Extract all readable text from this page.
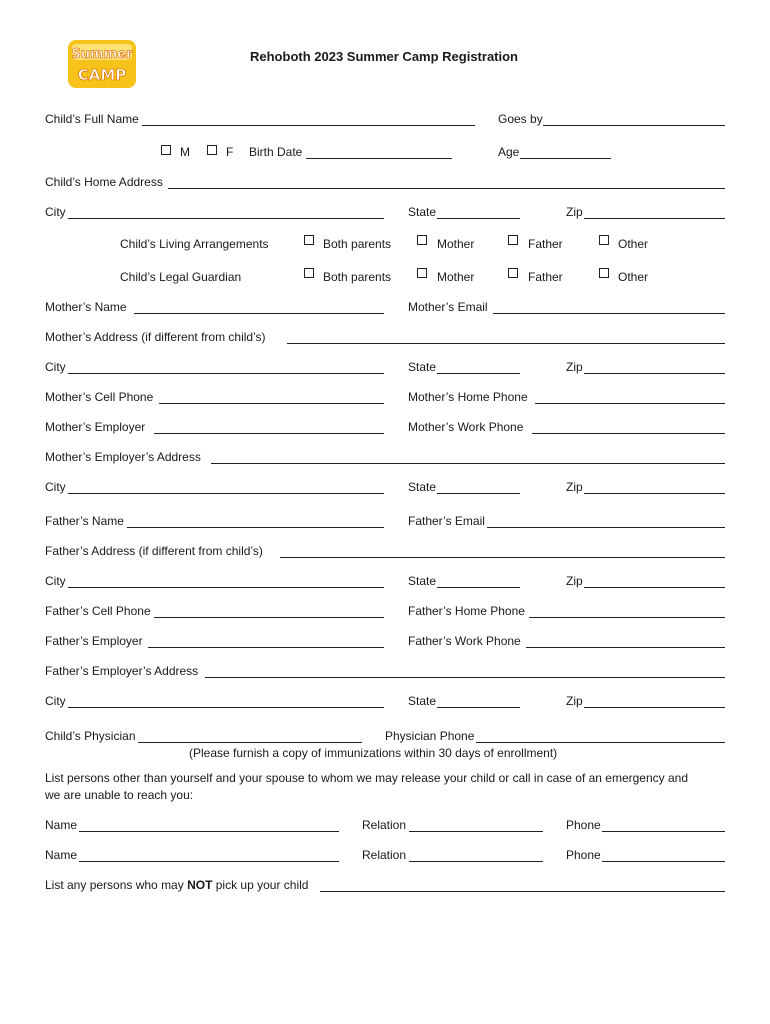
Summer
CAMP
Rehoboth 2023 Summer Camp Registration
Child’s Full Name	Goes by
M	F Birth Date	Age
Child’s Home Address
City	State	Zip
Child’s Living Arrangements	Both parents	Mother	Father	Other
Child’s Legal Guardian	Both parents	Mother	Father	Other
Mother’s Name	Mother’s Email
Mother’s Address (if different from child’s)
City	State	Zip
Mother’s Cell Phone	Mother’s Home Phone
Mother’s Employer	Mother’s Work Phone
Mother’s Employer’s Address
City	State	Zip
Father’s Name	Father’s Email
Father’s Address (if different from child’s)
City	State	Zip
Father’s Cell Phone	Father’s Home Phone
Father’s Employer	Father’s Work Phone
Father’s Employer’s Address
City	State	Zip
Child’s Physician	Physician Phone
(Please furnish a copy of immunizations within 30 days of enrollment)
List persons other than yourself and your spouse to whom we may release your child or call in case of an emergency and
we are unable to reach you:
Name	Relation	Phone
Name	Relation	Phone
List any persons who may NOT pick up your child
